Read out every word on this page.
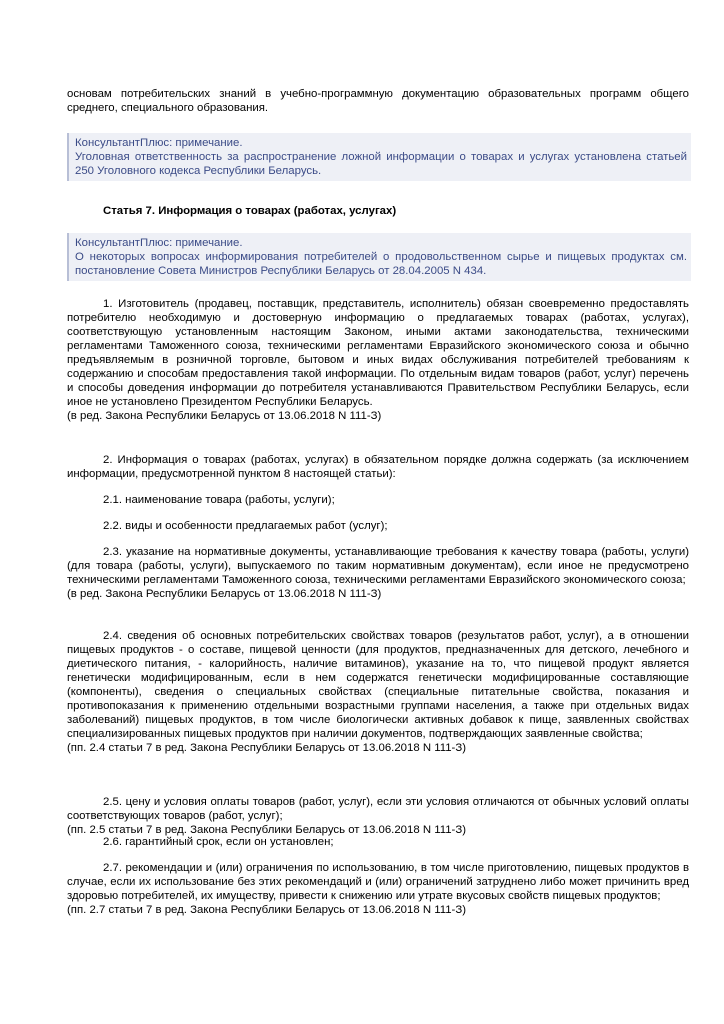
основам потребительских знаний в учебно-программную документацию образовательных программ общего среднего, специального образования.

КонсультантПлюс: примечание.
Уголовная ответственность за распространение ложной информации о товарах и услугах установлена статьей 250 Уголовного кодекса Республики Беларусь.
Статья 7. Информация о товарах (работах, услугах)
КонсультантПлюс: примечание.
О некоторых вопросах информирования потребителей о продовольственном сырье и пищевых продуктах см. постановление Совета Министров Республики Беларусь от 28.04.2005 N 434.

1. Изготовитель (продавец, поставщик, представитель, исполнитель) обязан своевременно предоставлять потребителю необходимую и достоверную информацию о предлагаемых товарах (работах, услугах), соответствующую установленным настоящим Законом, иными актами законодательства, техническими регламентами Таможенного союза, техническими регламентами Евразийского экономического союза и обычно предъявляемым в розничной торговле, бытовом и иных видах обслуживания потребителей требованиям к содержанию и способам предоставления такой информации. По отдельным видам товаров (работ, услуг) перечень и способы доведения информации до потребителя устанавливаются Правительством Республики Беларусь, если иное не установлено Президентом Республики Беларусь.
(в ред. Закона Республики Беларусь от 13.06.2018 N 111-З)

2. Информация о товарах (работах, услугах) в обязательном порядке должна содержать (за исключением информации, предусмотренной пунктом 8 настоящей статьи):

2.1. наименование товара (работы, услуги);

2.2. виды и особенности предлагаемых работ (услуг);

2.3. указание на нормативные документы, устанавливающие требования к качеству товара (работы, услуги) (для товара (работы, услуги), выпускаемого по таким нормативным документам), если иное не предусмотрено техническими регламентами Таможенного союза, техническими регламентами Евразийского экономического союза;
(в ред. Закона Республики Беларусь от 13.06.2018 N 111-З)

2.4. сведения об основных потребительских свойствах товаров (результатов работ, услуг), а в отношении пищевых продуктов - о составе, пищевой ценности (для продуктов, предназначенных для детского, лечебного и диетического питания, - калорийность, наличие витаминов), указание на то, что пищевой продукт является генетически модифицированным, если в нем содержатся генетически модифицированные составляющие (компоненты), сведения о специальных свойствах (специальные питательные свойства, показания и противопоказания к применению отдельными возрастными группами населения, а также при отдельных видах заболеваний) пищевых продуктов, в том числе биологически активных добавок к пище, заявленных свойствах специализированных пищевых продуктов при наличии документов, подтверждающих заявленные свойства;
(пп. 2.4 статьи 7 в ред. Закона Республики Беларусь от 13.06.2018 N 111-З)

2.5. цену и условия оплаты товаров (работ, услуг), если эти условия отличаются от обычных условий оплаты соответствующих товаров (работ, услуг);
(пп. 2.5 статьи 7 в ред. Закона Республики Беларусь от 13.06.2018 N 111-З)

2.6. гарантийный срок, если он установлен;

2.7. рекомендации и (или) ограничения по использованию, в том числе приготовлению, пищевых продуктов в случае, если их использование без этих рекомендаций и (или) ограничений затруднено либо может причинить вред здоровью потребителей, их имуществу, привести к снижению или утрате вкусовых свойств пищевых продуктов;
(пп. 2.7 статьи 7 в ред. Закона Республики Беларусь от 13.06.2018 N 111-З)
